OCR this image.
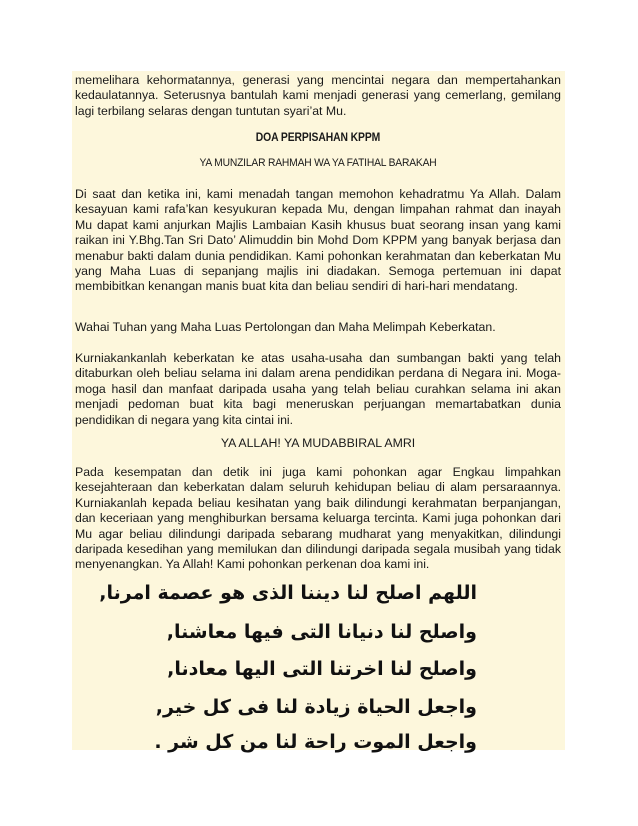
memelihara kehormatannya, generasi yang mencintai negara dan mempertahankan kedaulatannya. Seterusnya bantulah kami menjadi generasi yang cemerlang, gemilang lagi terbilang selaras dengan tuntutan syari’at Mu.

DOA PERPISAHAN KPPM

YA MUNZILAR RAHMAH WA YA FATIHAL BARAKAH

Di saat dan ketika ini, kami menadah tangan memohon kehadratmu Ya Allah. Dalam kesayuan kami rafa’kan kesyukuran kepada Mu, dengan limpahan rahmat dan inayah Mu dapat kami anjurkan Majlis Lambaian Kasih khusus buat seorang insan yang kami raikan ini Y.Bhg.Tan Sri Dato’ Alimuddin bin Mohd Dom KPPM yang banyak berjasa dan menabur bakti dalam dunia pendidikan. Kami pohonkan kerahmatan dan keberkatan Mu yang Maha Luas di sepanjang majlis ini diadakan. Semoga pertemuan ini dapat membibitkan kenangan manis buat kita dan beliau sendiri di hari-hari mendatang.

Wahai Tuhan yang Maha Luas Pertolongan dan Maha Melimpah Keberkatan.

Kurniakankanlah keberkatan ke atas usaha-usaha dan sumbangan bakti yang telah ditaburkan oleh beliau selama ini dalam arena pendidikan perdana di Negara ini. Moga-moga hasil dan manfaat daripada usaha yang telah beliau curahkan selama ini akan menjadi pedoman buat kita bagi meneruskan perjuangan memartabatkan dunia pendidikan di negara yang kita cintai ini.

YA ALLAH! YA MUDABBIRAL AMRI

Pada kesempatan dan detik ini juga kami pohonkan agar Engkau limpahkan kesejahteraan dan keberkatan dalam seluruh kehidupan beliau di alam persaraannya. Kurniakanlah kepada beliau kesihatan yang baik dilindungi kerahmatan berpanjangan, dan keceriaan yang menghiburkan bersama keluarga tercinta. Kami juga pohonkan dari Mu agar beliau dilindungi daripada sebarang mudharat yang menyakitkan, dilindungi daripada kesedihan yang memilukan dan dilindungi daripada segala musibah yang tidak menyenangkan. Ya Allah! Kami pohonkan perkenan doa kami ini.

اللهم اصلح لنا ديننا الذى هو عصمة امرنا,
واصلح لنا دنيانا التى فيها معاشنا,
واصلح لنا اخرتنا التى اليها معادنا,
واجعل الحياة زيادة لنا فى كل خير,
واجعل الموت راحة لنا من كل شر .
